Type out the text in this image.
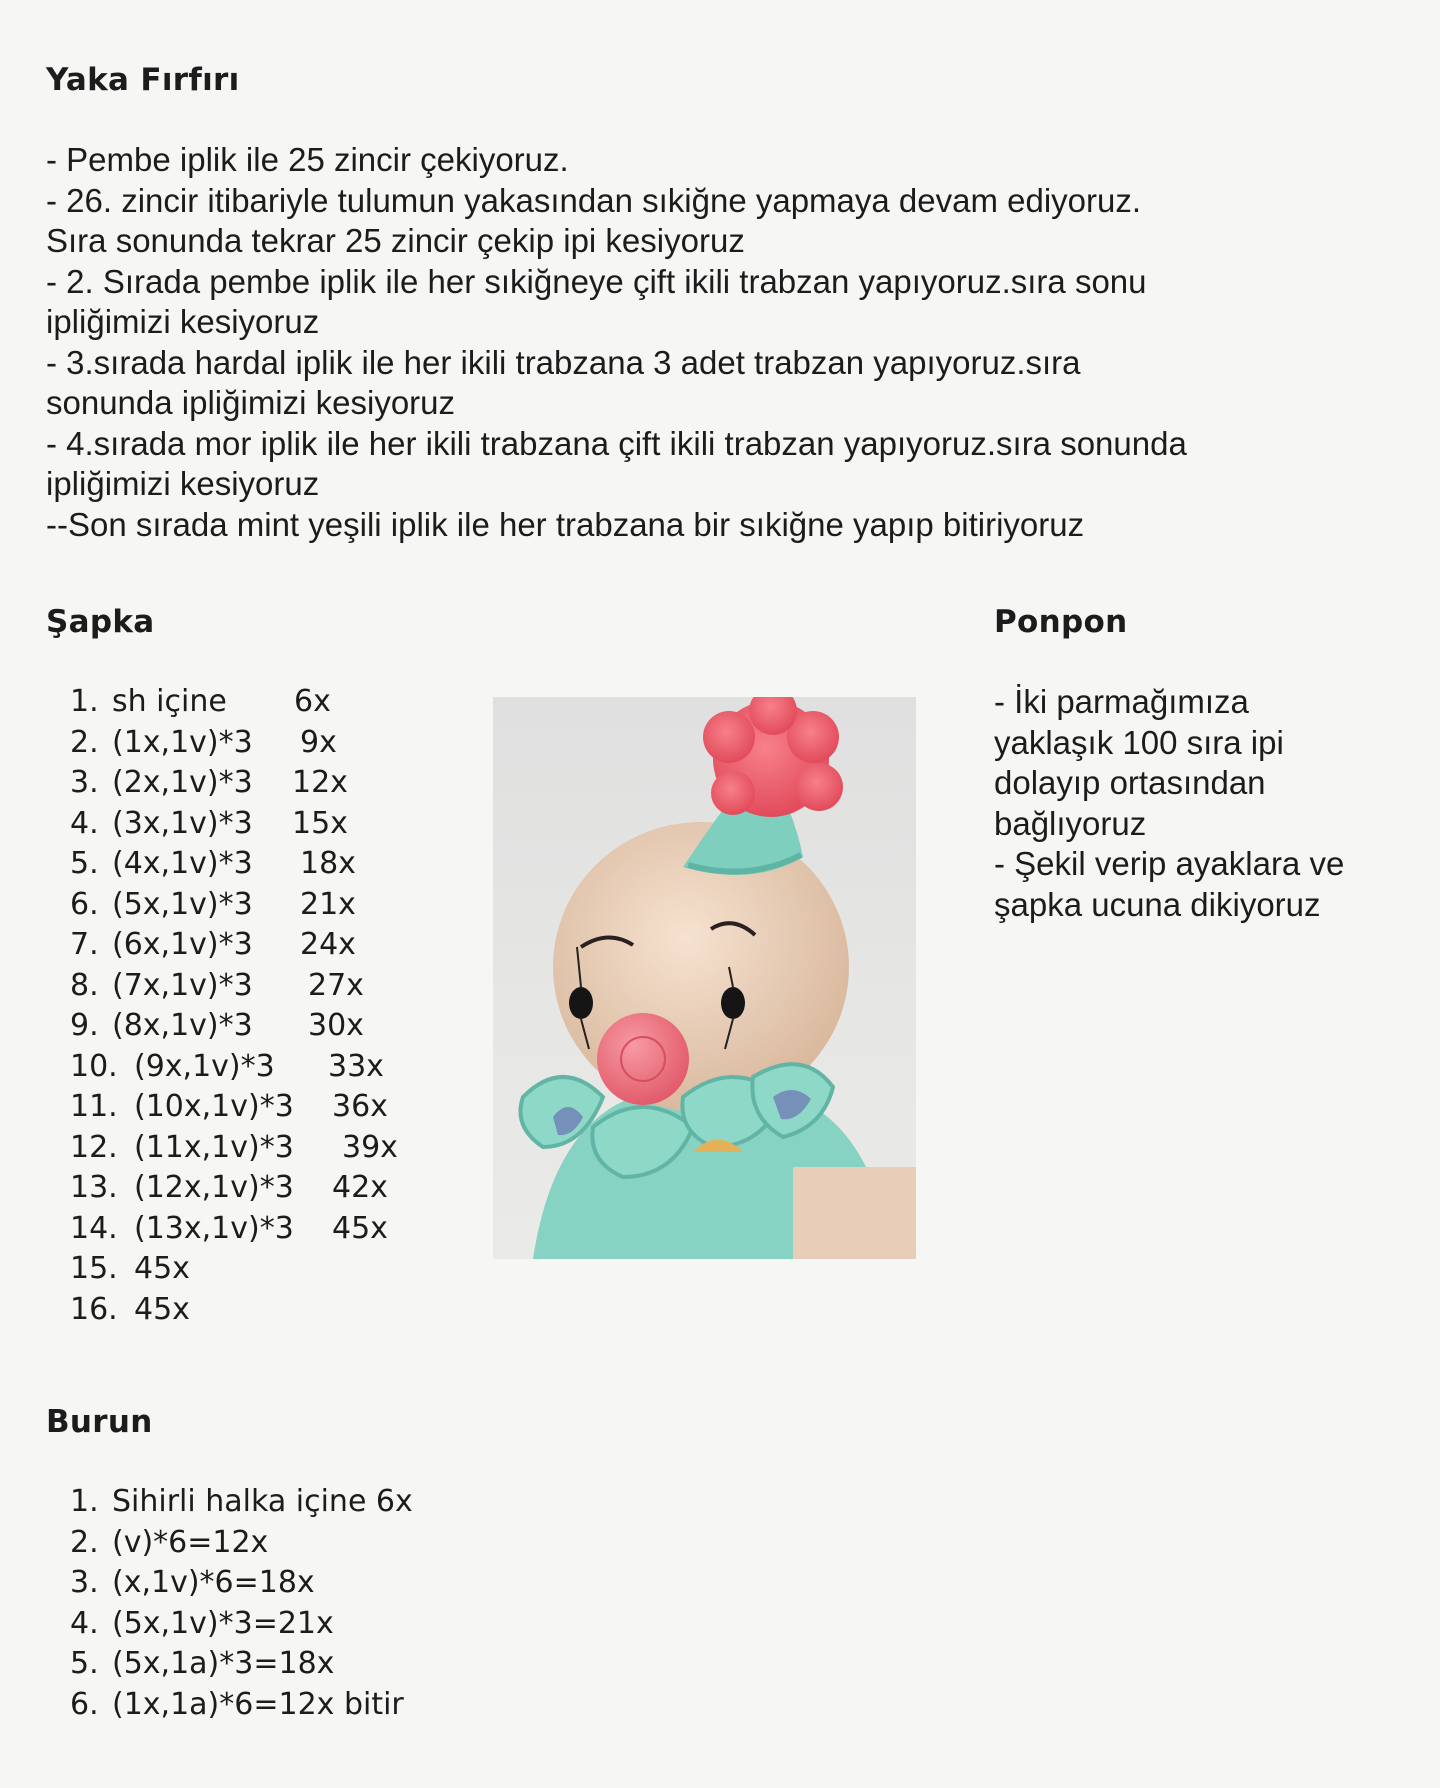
Yaka Fırfırı
- Pembe iplik ile 25 zincir çekiyoruz.
- 26. zincir itibariyle tulumun yakasından sıkiğne yapmaya devam ediyoruz.
Sıra sonunda tekrar 25 zincir çekip ipi kesiyoruz
- 2. Sırada pembe iplik ile her sıkiğneye çift ikili trabzan yapıyoruz.sıra sonu
ipliğimizi kesiyoruz
- 3.sırada hardal iplik ile her ikili trabzana 3 adet trabzan yapıyoruz.sıra
sonunda ipliğimizi kesiyoruz
- 4.sırada mor iplik ile her ikili trabzana çift ikili trabzan yapıyoruz.sıra sonunda
ipliğimizi kesiyoruz
--Son sırada mint yeşili iplik ile her trabzana bir sıkiğne yapıp bitiriyoruz
Şapka
1. sh içine 6x
2. (1x,1v)*3 9x
3. (2x,1v)*3 12x
4. (3x,1v)*3 15x
5. (4x,1v)*3 18x
6. (5x,1v)*3 21x
7. (6x,1v)*3 24x
8. (7x,1v)*3 27x
9. (8x,1v)*3 30x
10. (9x,1v)*3 33x
11. (10x,1v)*3 36x
12. (11x,1v)*3 39x
13. (12x,1v)*3 42x
14. (13x,1v)*3 45x
15. 45x
16. 45x
Ponpon
- İki parmağımıza
yaklaşık 100 sıra ipi
dolayıp ortasından
bağlıyoruz
- Şekil verip ayaklara ve
şapka ucuna dikiyoruz
Burun
1. Sihirli halka içine 6x
2. (v)*6=12x
3. (x,1v)*6=18x
4. (5x,1v)*3=21x
5. (5x,1a)*3=18x
6. (1x,1a)*6=12x bitir
